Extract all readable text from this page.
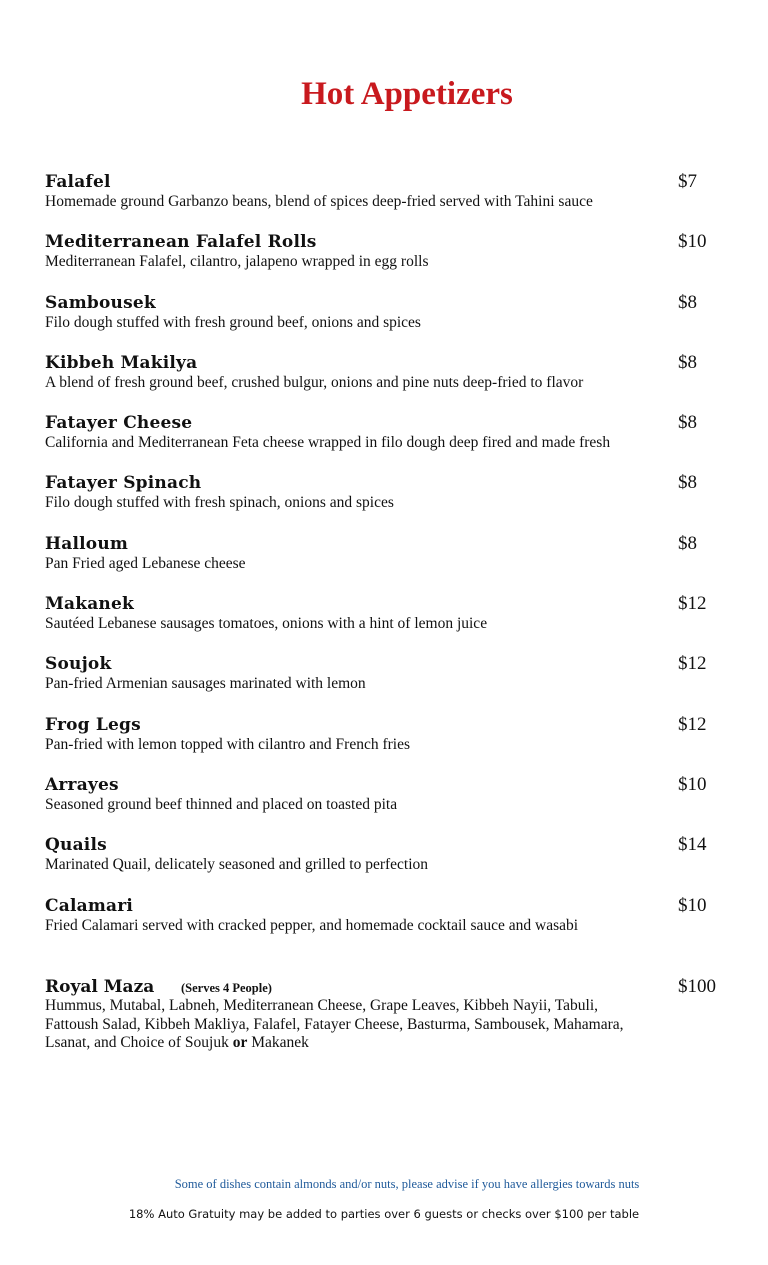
Hot Appetizers
Falafel	$7
Homemade ground Garbanzo beans, blend of spices deep-fried served with Tahini sauce
Mediterranean Falafel Rolls	$10
Mediterranean Falafel, cilantro, jalapeno wrapped in egg rolls
Sambousek	$8
Filo dough stuffed with fresh ground beef, onions and spices
Kibbeh Makilya	$8
A blend of fresh ground beef, crushed bulgur, onions and pine nuts deep-fried to flavor
Fatayer Cheese	$8
California and Mediterranean Feta cheese wrapped in filo dough deep fired and made fresh
Fatayer Spinach	$8
Filo dough stuffed with fresh spinach, onions and spices
Halloum	$8
Pan Fried aged Lebanese cheese
Makanek	$12
Sautéed Lebanese sausages tomatoes, onions with a hint of lemon juice
Soujok	$12
Pan-fried Armenian sausages marinated with lemon
Frog Legs	$12
Pan-fried with lemon topped with cilantro and French fries
Arrayes	$10
Seasoned ground beef thinned and placed on toasted pita
Quails	$14
Marinated Quail, delicately seasoned and grilled to perfection
Calamari	$10
Fried Calamari served with cracked pepper, and homemade cocktail sauce and wasabi
Royal Maza (Serves 4 People)	$100
Hummus, Mutabal, Labneh, Mediterranean Cheese, Grape Leaves, Kibbeh Nayii, Tabuli,
Fattoush Salad, Kibbeh Makliya, Falafel, Fatayer Cheese, Basturma, Sambousek, Mahamara,
Lsanat, and Choice of Soujuk or Makanek
Some of dishes contain almonds and/or nuts, please advise if you have allergies towards nuts
18% Auto Gratuity may be added to parties over 6 guests or checks over $100 per table
